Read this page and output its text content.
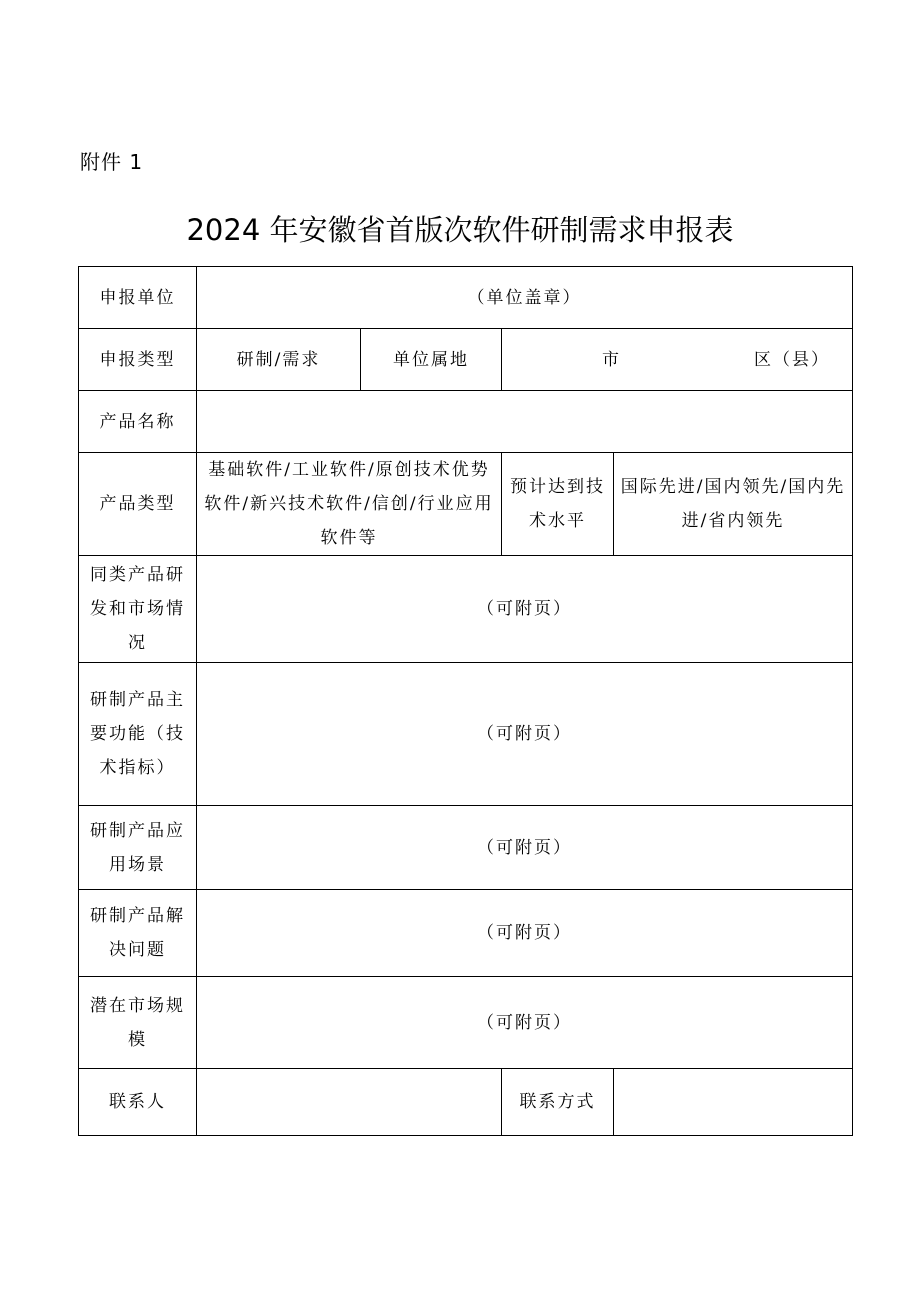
附件 1
2024 年安徽省首版次软件研制需求申报表
申报单位	（单位盖章）			
申报类型	研制/需求	单位属地	市 区（县）	

产品名称				
产品类型	基础软件/工业软件/原创技术优势软件/新兴技术软件/信创/行业应用软件等		预计达到技术水平	国际先进/国内领先/国内先进/省内领先
同类产品研发和市场情况	（可附页）			
研制产品主要功能（技术指标）	（可附页）			
研制产品应用场景	（可附页）			
研制产品解决问题	（可附页）			
潜在市场规模	（可附页）			
联系人			联系方式	
